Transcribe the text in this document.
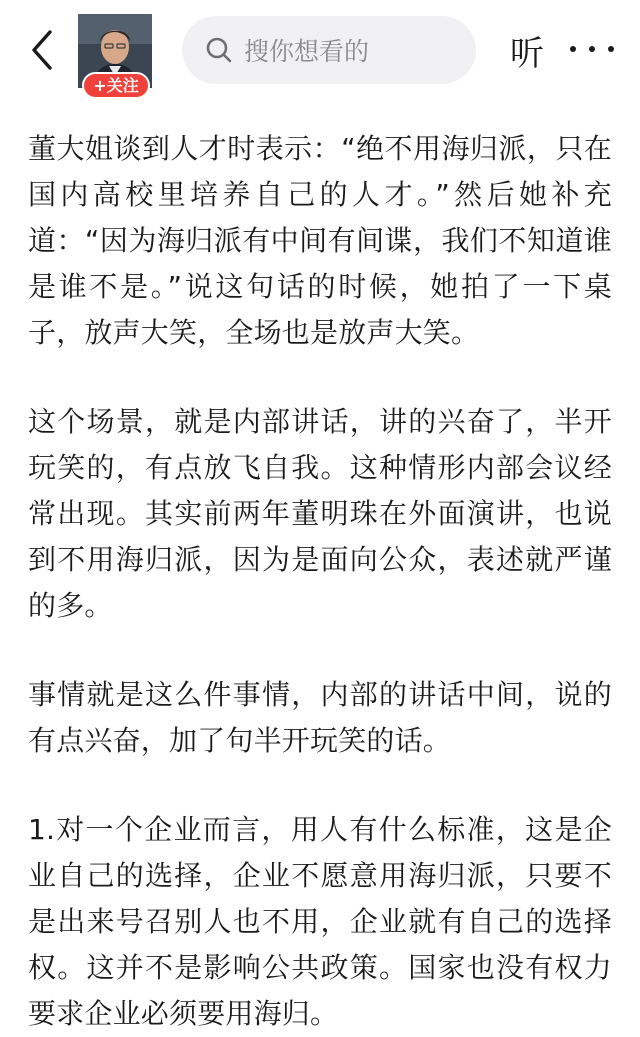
+关注
搜你想看的	听

董大姐谈到人才时表示：“绝不用海归派，只在国内高校里培养自己的人才。”然后她补充道：“因为海归派有中间有间谍，我们不知道谁是谁不是。”说这句话的时候，她拍了一下桌子，放声大笑，全场也是放声大笑。

这个场景，就是内部讲话，讲的兴奋了，半开玩笑的，有点放飞自我。这种情形内部会议经常出现。其实前两年董明珠在外面演讲，也说到不用海归派，因为是面向公众，表述就严谨的多。

事情就是这么件事情，内部的讲话中间，说的有点兴奋，加了句半开玩笑的话。

1.对一个企业而言，用人有什么标准，这是企业自己的选择，企业不愿意用海归派，只要不是出来号召别人也不用，企业就有自己的选择权。这并不是影响公共政策。国家也没有权力要求企业必须要用海归。
